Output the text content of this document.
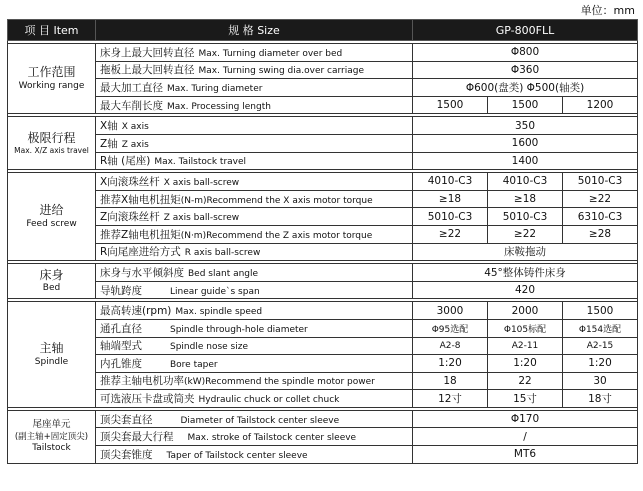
单位：mm
项 目 Item	规 格 Size	GP-800FLL		

工作范围
Working range	床身上最大回转直径 Max. Turning diameter over bed	Φ800		
	拖板上最大回转直径 Max. Turning swing dia.over carriage	Φ360		
	最大加工直径 Max. Turing diameter	Φ600(盘类) Φ500(轴类)		
	最大车削长度 Max. Processing length	1500	1500	1200

极限行程
Max. X/Z axis travel	X轴 X axis	350		
	Z轴 Z axis	1600		
	R轴 (尾座) Max. Tailstock travel	1400		

进给
Feed screw	X向滚珠丝杆 X axis ball-screw	4010-C3	4010-C3	5010-C3
	推荐X轴电机扭矩(N-m)Recommend the X axis motor torque	≥18	≥18	≥22
	Z向滚珠丝杆 Z axis ball-screw	5010-C3	5010-C3	6310-C3
	推荐Z轴电机扭矩(N·m)Recommend the Z axis motor torque	≥22	≥22	≥28
	R向尾座进给方式 R axis ball-screw	床鞍拖动		

床身
Bed	床身与水平倾斜度 Bed slant angle	45°整体铸件床身		
	导轨跨度 Linear guide`s span	420		

主轴
Spindle	最高转速(rpm) Max. spindle speed	3000	2000	1500
	通孔直径 Spindle through-hole diameter	Φ95选配	Φ105标配	Φ154选配
	轴端型式 Spindle nose size	A2-8	A2-11	A2-15
	内孔锥度 Bore taper	1:20	1:20	1:20
	推荐主轴电机功率(kW)Recommend the spindle motor power	18	22	30
	可选液压卡盘或筒夹 Hydraulic chuck or collet chuck	12寸	15寸	18寸

尾座单元
(副主轴+固定顶尖)
Tailstock	顶尖套直径 Diameter of Tailstock center sleeve	Φ170		
	顶尖套最大行程 Max. stroke of Tailstock center sleeve	/		
	顶尖套锥度 Taper of Tailstock center sleeve	MT6		
